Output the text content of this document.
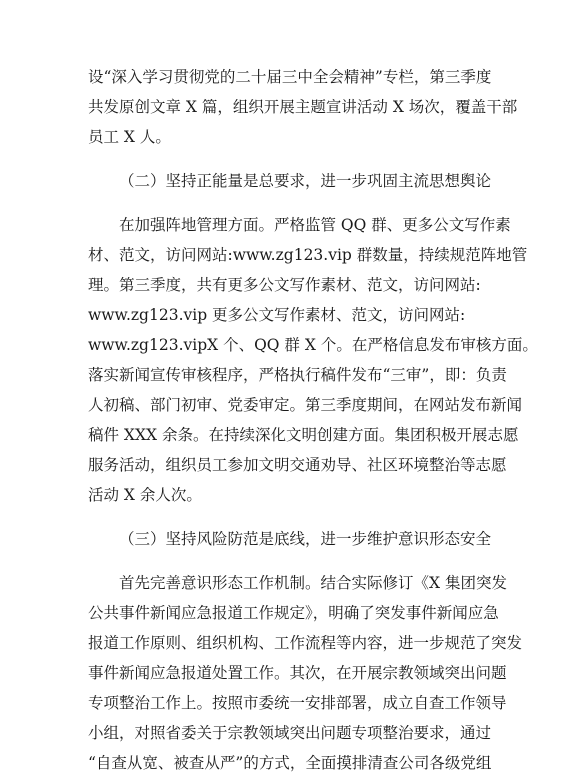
设“深入学习贯彻党的二十届三中全会精神”专栏，第三季度
共发原创文章 X 篇，组织开展主题宣讲活动 X 场次，覆盖干部
员工 X 人。
（二）坚持正能量是总要求，进一步巩固主流思想舆论
在加强阵地管理方面。严格监管 QQ 群、更多公文写作素
材、范文，访问网站:www.zg123.vip 群数量，持续规范阵地管
理。第三季度，共有更多公文写作素材、范文，访问网站:
www.zg123.vip 更多公文写作素材、范文，访问网站:
www.zg123.vipX 个、QQ 群 X 个。在严格信息发布审核方面。
落实新闻宣传审核程序，严格执行稿件发布“三审”，即：负责
人初稿、部门初审、党委审定。第三季度期间，在网站发布新闻
稿件 XXX 余条。在持续深化文明创建方面。集团积极开展志愿
服务活动，组织员工参加文明交通劝导、社区环境整治等志愿
活动 X 余人次。
（三）坚持风险防范是底线，进一步维护意识形态安全
首先完善意识形态工作机制。结合实际修订《X 集团突发
公共事件新闻应急报道工作规定》，明确了突发事件新闻应急
报道工作原则、组织机构、工作流程等内容，进一步规范了突发
事件新闻应急报道处置工作。其次，在开展宗教领域突出问题
专项整治工作上。按照市委统一安排部署，成立自查工作领导
小组，对照省委关于宗教领域突出问题专项整治要求，通过
“自查从宽、被查从严”的方式，全面摸排清查公司各级党组
